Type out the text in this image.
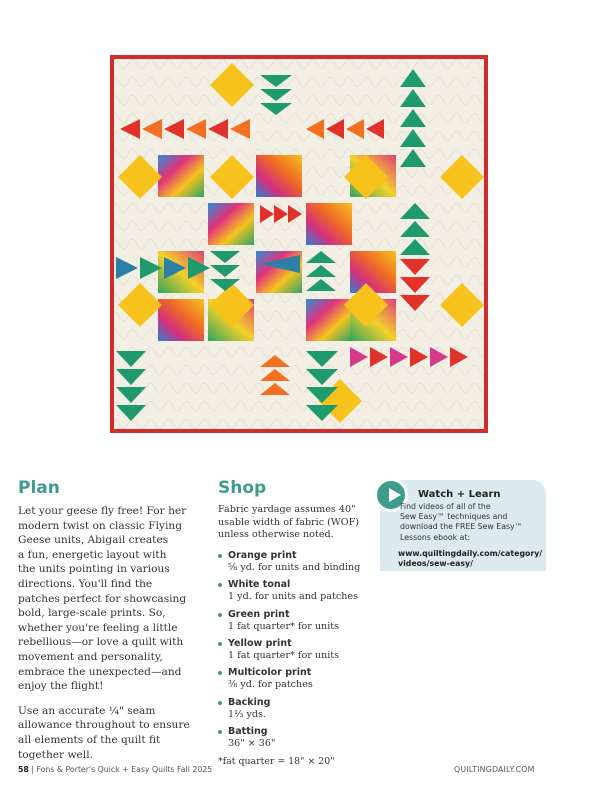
Plan

Let your geese fly free! For her
modern twist on classic Flying
Geese units, Abigail creates
a fun, energetic layout with
the units pointing in various
directions. You'll find the
patches perfect for showcasing
bold, large-scale prints. So,
whether you're feeling a little
rebellious—or love a quilt with
movement and personality,
embrace the unexpected—and
enjoy the flight!

Use an accurate ¼" seam
allowance throughout to ensure
all elements of the quilt fit
together well.

Shop

Fabric yardage assumes 40"
usable width of fabric (WOF)
unless otherwise noted.

Orange print
⅝ yd. for units and binding
White tonal
1 yd. for units and patches
Green print
1 fat quarter* for units
Yellow print
1 fat quarter* for units
Multicolor print
⅜ yd. for patches
Backing
1⅓ yds.
Batting
36" × 36"
*fat quarter = 18" × 20"
Watch + Learn
Find videos of all of the
Sew Easy™ techniques and
download the FREE Sew Easy™
Lessons ebook at:
www.quiltingdaily.com/category/
videos/sew-easy/
58 | Fons & Porter's Quick + Easy Quilts Fall 2025	QUILTINGDAILY.COM
